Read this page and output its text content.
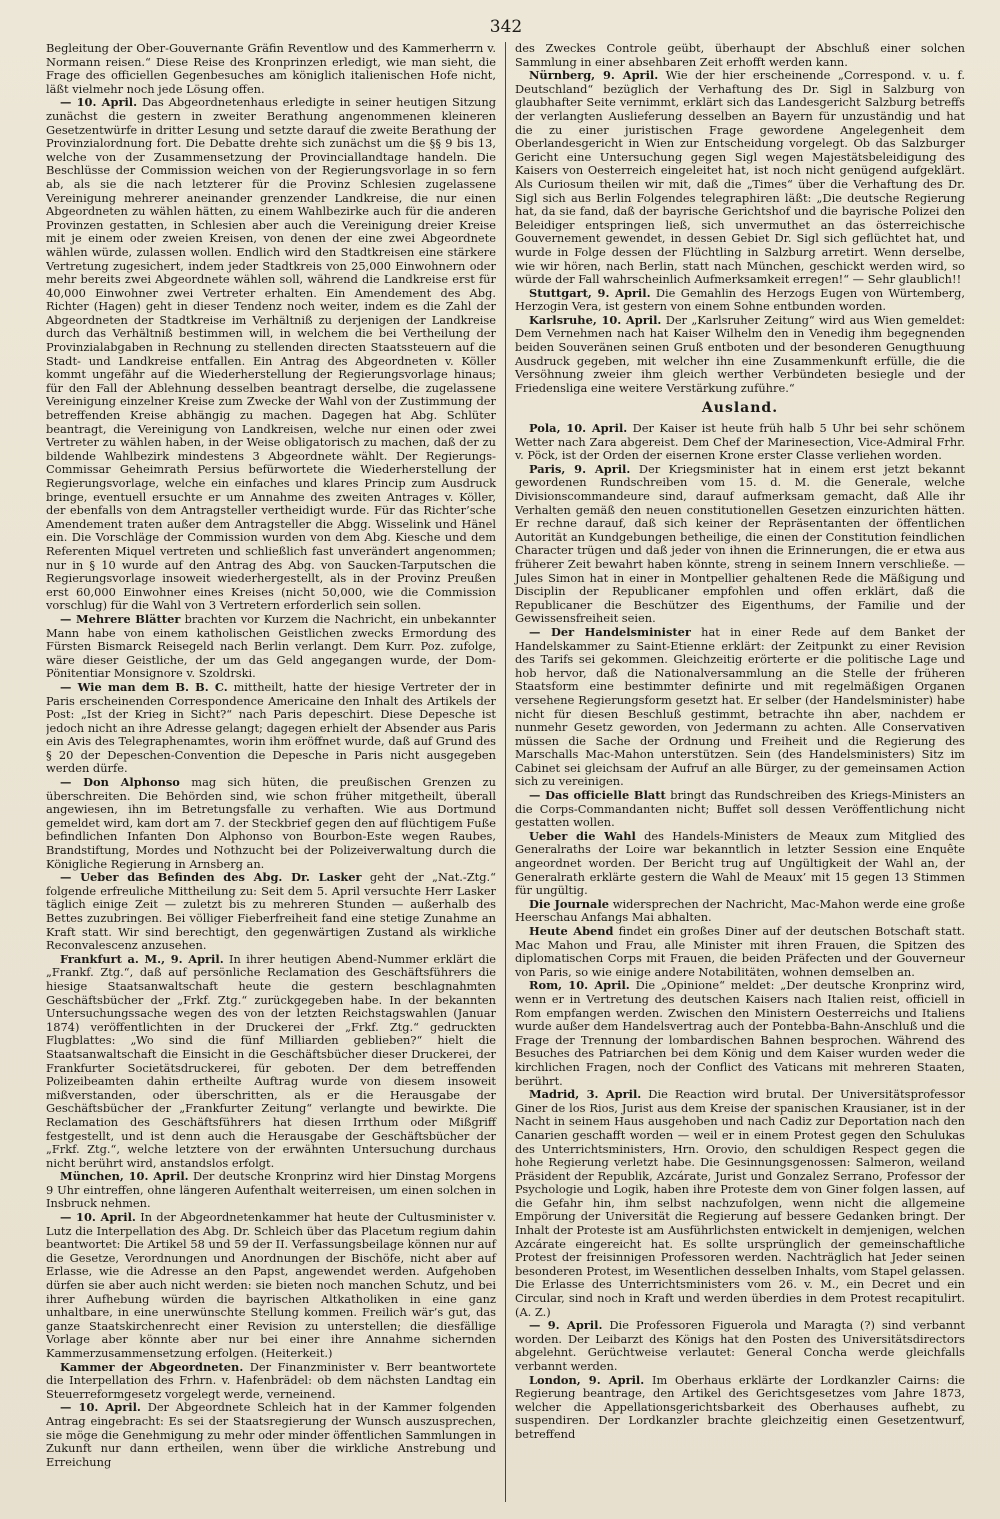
342

Begleitung der Ober-Gouvernante Gräfin Reventlow und des Kammerherrn v. Normann reisen.“ Diese Reise des Kronprinzen erledigt, wie man sieht, die Frage des officiellen Gegenbesuches am königlich italienischen Hofe nicht, läßt vielmehr noch jede Lösung offen.

— 10. April. Das Abgeordnetenhaus erledigte in seiner heutigen Sitzung zunächst die gestern in zweiter Berathung angenommenen kleineren Gesetzentwürfe in dritter Lesung und setzte darauf die zweite Berathung der Provinzialordnung fort. Die Debatte drehte sich zunächst um die §§ 9 bis 13, welche von der Zusammensetzung der Provinciallandtage handeln. Die Beschlüsse der Commission weichen von der Regierungsvorlage in so fern ab, als sie die nach letzterer für die Provinz Schlesien zugelassene Vereinigung mehrerer aneinander grenzender Landkreise, die nur einen Abgeordneten zu wählen hätten, zu einem Wahlbezirke auch für die anderen Provinzen gestatten, in Schlesien aber auch die Vereinigung dreier Kreise mit je einem oder zweien Kreisen, von denen der eine zwei Abgeordnete wählen würde, zulassen wollen. Endlich wird den Stadtkreisen eine stärkere Vertretung zugesichert, indem jeder Stadtkreis von 25,000 Einwohnern oder mehr bereits zwei Abgeordnete wählen soll, während die Landkreise erst für 40,000 Einwohner zwei Vertreter erhalten. Ein Amendement des Abg. Richter (Hagen) geht in dieser Tendenz noch weiter, indem es die Zahl der Abgeordneten der Stadtkreise im Verhältniß zu derjenigen der Landkreise durch das Verhältniß bestimmen will, in welchem die bei Vertheilung der Provinzialabgaben in Rechnung zu stellenden directen Staatssteuern auf die Stadt- und Landkreise entfallen. Ein Antrag des Abgeordneten v. Köller kommt ungefähr auf die Wiederherstellung der Regierungsvorlage hinaus; für den Fall der Ablehnung desselben beantragt derselbe, die zugelassene Vereinigung einzelner Kreise zum Zwecke der Wahl von der Zustimmung der betreffenden Kreise abhängig zu machen. Dagegen hat Abg. Schlüter beantragt, die Vereinigung von Landkreisen, welche nur einen oder zwei Vertreter zu wählen haben, in der Weise obligatorisch zu machen, daß der zu bildende Wahlbezirk mindestens 3 Abgeordnete wählt. Der Regierungs-Commissar Geheimrath Persius befürwortete die Wiederherstellung der Regierungsvorlage, welche ein einfaches und klares Princip zum Ausdruck bringe, eventuell ersuchte er um Annahme des zweiten Antrages v. Köller, der ebenfalls von dem Antragsteller vertheidigt wurde. Für das Richter’sche Amendement traten außer dem Antragsteller die Abgg. Wisselink und Hänel ein. Die Vorschläge der Commission wurden von dem Abg. Kiesche und dem Referenten Miquel vertreten und schließlich fast unverändert angenommen; nur in § 10 wurde auf den Antrag des Abg. von Saucken-Tarputschen die Regierungsvorlage insoweit wiederhergestellt, als in der Provinz Preußen erst 60,000 Einwohner eines Kreises (nicht 50,000, wie die Commission vorschlug) für die Wahl von 3 Vertretern erforderlich sein sollen.

— Mehrere Blätter brachten vor Kurzem die Nachricht, ein unbekannter Mann habe von einem katholischen Geistlichen zwecks Ermordung des Fürsten Bismarck Reisegeld nach Berlin verlangt. Dem Kurr. Poz. zufolge, wäre dieser Geistliche, der um das Geld angegangen wurde, der Dom-Pönitentiar Monsignore v. Szoldrski.

— Wie man dem B. B. C. mittheilt, hatte der hiesige Vertreter der in Paris erscheinenden Correspondence Americaine den Inhalt des Artikels der Post: „Ist der Krieg in Sicht?“ nach Paris depeschirt. Diese Depesche ist jedoch nicht an ihre Adresse gelangt; dagegen erhielt der Absender aus Paris ein Avis des Telegraphenamtes, worin ihm eröffnet wurde, daß auf Grund des § 20 der Depeschen-Convention die Depesche in Paris nicht ausgegeben werden dürfe.

— Don Alphonso mag sich hüten, die preußischen Grenzen zu überschreiten. Die Behörden sind, wie schon früher mitgetheilt, überall angewiesen, ihn im Betretungsfalle zu verhaften. Wie aus Dortmund gemeldet wird, kam dort am 7. der Steckbrief gegen den auf flüchtigem Fuße befindlichen Infanten Don Alphonso von Bourbon-Este wegen Raubes, Brandstiftung, Mordes und Nothzucht bei der Polizeiverwaltung durch die Königliche Regierung in Arnsberg an.

— Ueber das Befinden des Abg. Dr. Lasker geht der „Nat.-Ztg.“ folgende erfreuliche Mittheilung zu: Seit dem 5. April versuchte Herr Lasker täglich einige Zeit — zuletzt bis zu mehreren Stunden — außerhalb des Bettes zuzubringen. Bei völliger Fieberfreiheit fand eine stetige Zunahme an Kraft statt. Wir sind berechtigt, den gegenwärtigen Zustand als wirkliche Reconvalescenz anzusehen.

Frankfurt a. M., 9. April. In ihrer heutigen Abend-Nummer erklärt die „Frankf. Ztg.“, daß auf persönliche Reclamation des Geschäftsführers die hiesige Staatsanwaltschaft heute die gestern beschlagnahmten Geschäftsbücher der „Frkf. Ztg.“ zurückgegeben habe. In der bekannten Untersuchungssache wegen des von der letzten Reichstagswahlen (Januar 1874) veröffentlichten in der Druckerei der „Frkf. Ztg.“ gedruckten Flugblattes: „Wo sind die fünf Milliarden geblieben?“ hielt die Staatsanwaltschaft die Einsicht in die Geschäftsbücher dieser Druckerei, der Frankfurter Societätsdruckerei, für geboten. Der dem betreffenden Polizeibeamten dahin ertheilte Auftrag wurde von diesem insoweit mißverstanden, oder überschritten, als er die Herausgabe der Geschäftsbücher der „Frankfurter Zeitung“ verlangte und bewirkte. Die Reclamation des Geschäftsführers hat diesen Irrthum oder Mißgriff festgestellt, und ist denn auch die Herausgabe der Geschäftsbücher der „Frkf. Ztg.“, welche letztere von der erwähnten Untersuchung durchaus nicht berührt wird, anstandslos erfolgt.

München, 10. April. Der deutsche Kronprinz wird hier Dinstag Morgens 9 Uhr eintreffen, ohne längeren Aufenthalt weiterreisen, um einen solchen in Insbruck nehmen.

— 10. April. In der Abgeordnetenkammer hat heute der Cultusminister v. Lutz die Interpellation des Abg. Dr. Schleich über das Placetum regium dahin beantwortet: Die Artikel 58 und 59 der II. Verfassungsbeilage können nur auf die Gesetze, Verordnungen und Anordnungen der Bischöfe, nicht aber auf Erlasse, wie die Adresse an den Papst, angewendet werden. Aufgehoben dürfen sie aber auch nicht werden: sie bieten noch manchen Schutz, und bei ihrer Aufhebung würden die bayrischen Altkatholiken in eine ganz unhaltbare, in eine unerwünschte Stellung kommen. Freilich wär’s gut, das ganze Staatskirchenrecht einer Revision zu unterstellen; die diesfällige Vorlage aber könnte aber nur bei einer ihre Annahme sichernden Kammerzusammensetzung erfolgen. (Heiterkeit.)

Kammer der Abgeordneten. Der Finanzminister v. Berr beantwortete die Interpellation des Frhrn. v. Hafenbrädel: ob dem nächsten Landtag ein Steuerreformgesetz vorgelegt werde, verneinend.

— 10. April. Der Abgeordnete Schleich hat in der Kammer folgenden Antrag eingebracht: Es sei der Staatsregierung der Wunsch auszusprechen, sie möge die Genehmigung zu mehr oder minder öffentlichen Sammlungen in Zukunft nur dann ertheilen, wenn über die wirkliche Anstrebung und Erreichung

des Zweckes Controle geübt, überhaupt der Abschluß einer solchen Sammlung in einer absehbaren Zeit erhofft werden kann.

Nürnberg, 9. April. Wie der hier erscheinende „Correspond. v. u. f. Deutschland“ bezüglich der Verhaftung des Dr. Sigl in Salzburg von glaubhafter Seite vernimmt, erklärt sich das Landesgericht Salzburg betreffs der verlangten Auslieferung desselben an Bayern für unzuständig und hat die zu einer juristischen Frage gewordene Angelegenheit dem Oberlandesgericht in Wien zur Entscheidung vorgelegt. Ob das Salzburger Gericht eine Untersuchung gegen Sigl wegen Majestätsbeleidigung des Kaisers von Oesterreich eingeleitet hat, ist noch nicht genügend aufgeklärt. Als Curiosum theilen wir mit, daß die „Times“ über die Verhaftung des Dr. Sigl sich aus Berlin Folgendes telegraphiren läßt: „Die deutsche Regierung hat, da sie fand, daß der bayrische Gerichtshof und die bayrische Polizei den Beleidiger entspringen ließ, sich unvermuthet an das österreichische Gouvernement gewendet, in dessen Gebiet Dr. Sigl sich geflüchtet hat, und wurde in Folge dessen der Flüchtling in Salzburg arretirt. Wenn derselbe, wie wir hören, nach Berlin, statt nach München, geschickt werden wird, so würde der Fall wahrscheinlich Aufmerksamkeit erregen!“ — Sehr glaublich!!

Stuttgart, 9. April. Die Gemahlin des Herzogs Eugen von Würtemberg, Herzogin Vera, ist gestern von einem Sohne entbunden worden.

Karlsruhe, 10. April. Der „Karlsruher Zeitung“ wird aus Wien gemeldet: Dem Vernehmen nach hat Kaiser Wilhelm den in Venedig ihm begegnenden beiden Souveränen seinen Gruß entboten und der besonderen Genugthuung Ausdruck gegeben, mit welcher ihn eine Zusammenkunft erfülle, die die Versöhnung zweier ihm gleich werther Verbündeten besiegle und der Friedensliga eine weitere Verstärkung zuführe.“

Ausland.

Pola, 10. April. Der Kaiser ist heute früh halb 5 Uhr bei sehr schönem Wetter nach Zara abgereist. Dem Chef der Marinesection, Vice-Admiral Frhr. v. Pöck, ist der Orden der eisernen Krone erster Classe verliehen worden.

Paris, 9. April. Der Kriegsminister hat in einem erst jetzt bekannt gewordenen Rundschreiben vom 15. d. M. die Generale, welche Divisionscommandeure sind, darauf aufmerksam gemacht, daß Alle ihr Verhalten gemäß den neuen constitutionellen Gesetzen einzurichten hätten. Er rechne darauf, daß sich keiner der Repräsentanten der öffentlichen Autorität an Kundgebungen betheilige, die einen der Constitution feindlichen Character trügen und daß jeder von ihnen die Erinnerungen, die er etwa aus früherer Zeit bewahrt haben könnte, streng in seinem Innern verschließe. — Jules Simon hat in einer in Montpellier gehaltenen Rede die Mäßigung und Disciplin der Republicaner empfohlen und offen erklärt, daß die Republicaner die Beschützer des Eigenthums, der Familie und der Gewissensfreiheit seien.

— Der Handelsminister hat in einer Rede auf dem Banket der Handelskammer zu Saint-Etienne erklärt: der Zeitpunkt zu einer Revision des Tarifs sei gekommen. Gleichzeitig erörterte er die politische Lage und hob hervor, daß die Nationalversammlung an die Stelle der früheren Staatsform eine bestimmter definirte und mit regelmäßigen Organen versehene Regierungsform gesetzt hat. Er selber (der Handelsminister) habe nicht für diesen Beschluß gestimmt, betrachte ihn aber, nachdem er nunmehr Gesetz geworden, von Jedermann zu achten. Alle Conservativen müssen die Sache der Ordnung und Freiheit und die Regierung des Marschalls Mac-Mahon unterstützen. Sein (des Handelsministers) Sitz im Cabinet sei gleichsam der Aufruf an alle Bürger, zu der gemeinsamen Action sich zu vereinigen.

— Das officielle Blatt bringt das Rundschreiben des Kriegs-Ministers an die Corps-Commandanten nicht; Buffet soll dessen Veröffentlichung nicht gestatten wollen.

Ueber die Wahl des Handels-Ministers de Meaux zum Mitglied des Generalraths der Loire war bekanntlich in letzter Session eine Enquête angeordnet worden. Der Bericht trug auf Ungültigkeit der Wahl an, der Generalrath erklärte gestern die Wahl de Meaux’ mit 15 gegen 13 Stimmen für ungültig.

Die Journale widersprechen der Nachricht, Mac-Mahon werde eine große Heerschau Anfangs Mai abhalten.

Heute Abend findet ein großes Diner auf der deutschen Botschaft statt. Mac Mahon und Frau, alle Minister mit ihren Frauen, die Spitzen des diplomatischen Corps mit Frauen, die beiden Präfecten und der Gouverneur von Paris, so wie einige andere Notabilitäten, wohnen demselben an.

Rom, 10. April. Die „Opinione“ meldet: „Der deutsche Kronprinz wird, wenn er in Vertretung des deutschen Kaisers nach Italien reist, officiell in Rom empfangen werden. Zwischen den Ministern Oesterreichs und Italiens wurde außer dem Handelsvertrag auch der Pontebba-Bahn-Anschluß und die Frage der Trennung der lombardischen Bahnen besprochen. Während des Besuches des Patriarchen bei dem König und dem Kaiser wurden weder die kirchlichen Fragen, noch der Conflict des Vaticans mit mehreren Staaten, berührt.

Madrid, 3. April. Die Reaction wird brutal. Der Universitätsprofessor Giner de los Rios, Jurist aus dem Kreise der spanischen Krausianer, ist in der Nacht in seinem Haus ausgehoben und nach Cadiz zur Deportation nach den Canarien geschafft worden — weil er in einem Protest gegen den Schulukas des Unterrichtsministers, Hrn. Orovio, den schuldigen Respect gegen die hohe Regierung verletzt habe. Die Gesinnungsgenossen: Salmeron, weiland Präsident der Republik, Azcárate, Jurist und Gonzalez Serrano, Professor der Psychologie und Logik, haben ihre Proteste dem von Giner folgen lassen, auf die Gefahr hin, ihm selbst nachzufolgen, wenn nicht die allgemeine Empörung der Universität die Regierung auf bessere Gedanken bringt. Der Inhalt der Proteste ist am Ausführlichsten entwickelt in demjenigen, welchen Azcárate eingereicht hat. Es sollte ursprünglich der gemeinschaftliche Protest der freisinnigen Professoren werden. Nachträglich hat Jeder seinen besonderen Protest, im Wesentlichen desselben Inhalts, vom Stapel gelassen. Die Erlasse des Unterrichtsministers vom 26. v. M., ein Decret und ein Circular, sind noch in Kraft und werden überdies in dem Protest recapitulirt. (A. Z.)

— 9. April. Die Professoren Figuerola und Maragta (?) sind verbannt worden. Der Leibarzt des Königs hat den Posten des Universitätsdirectors abgelehnt. Gerüchtweise verlautet: General Concha werde gleichfalls verbannt werden.

London, 9. April. Im Oberhaus erklärte der Lordkanzler Cairns: die Regierung beantrage, den Artikel des Gerichtsgesetzes vom Jahre 1873, welcher die Appellationsgerichtsbarkeit des Oberhauses aufhebt, zu suspendiren. Der Lordkanzler brachte gleichzeitig einen Gesetzentwurf, betreffend
